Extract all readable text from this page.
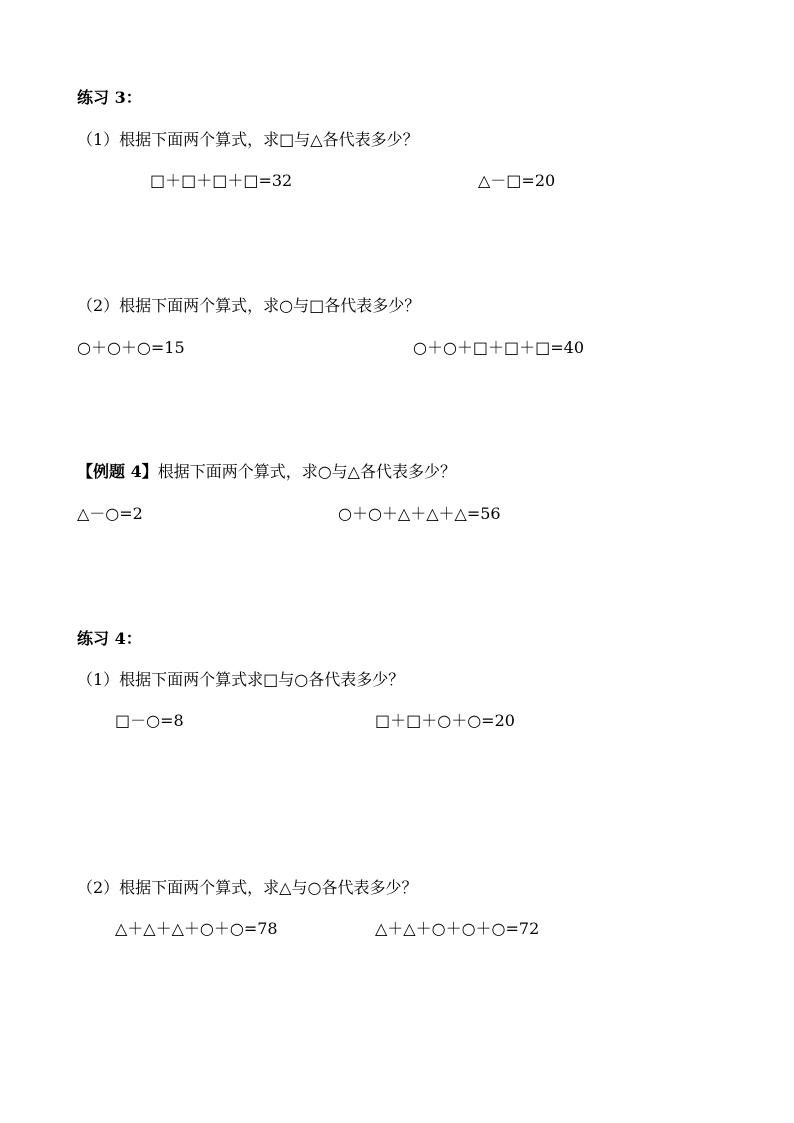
练习 3：
（1）根据下面两个算式，求□与△各代表多少？
□＋□＋□＋□=32	△－□=20
（2）根据下面两个算式，求○与□各代表多少？
○＋○＋○=15	○＋○＋□＋□＋□=40
【例题 4】根据下面两个算式，求○与△各代表多少？
△－○=2	○＋○＋△＋△＋△=56
练习 4：
（1）根据下面两个算式求□与○各代表多少？
□－○=8	□＋□＋○＋○=20
（2）根据下面两个算式，求△与○各代表多少？
△＋△＋△＋○＋○=78	△＋△＋○＋○＋○=72
